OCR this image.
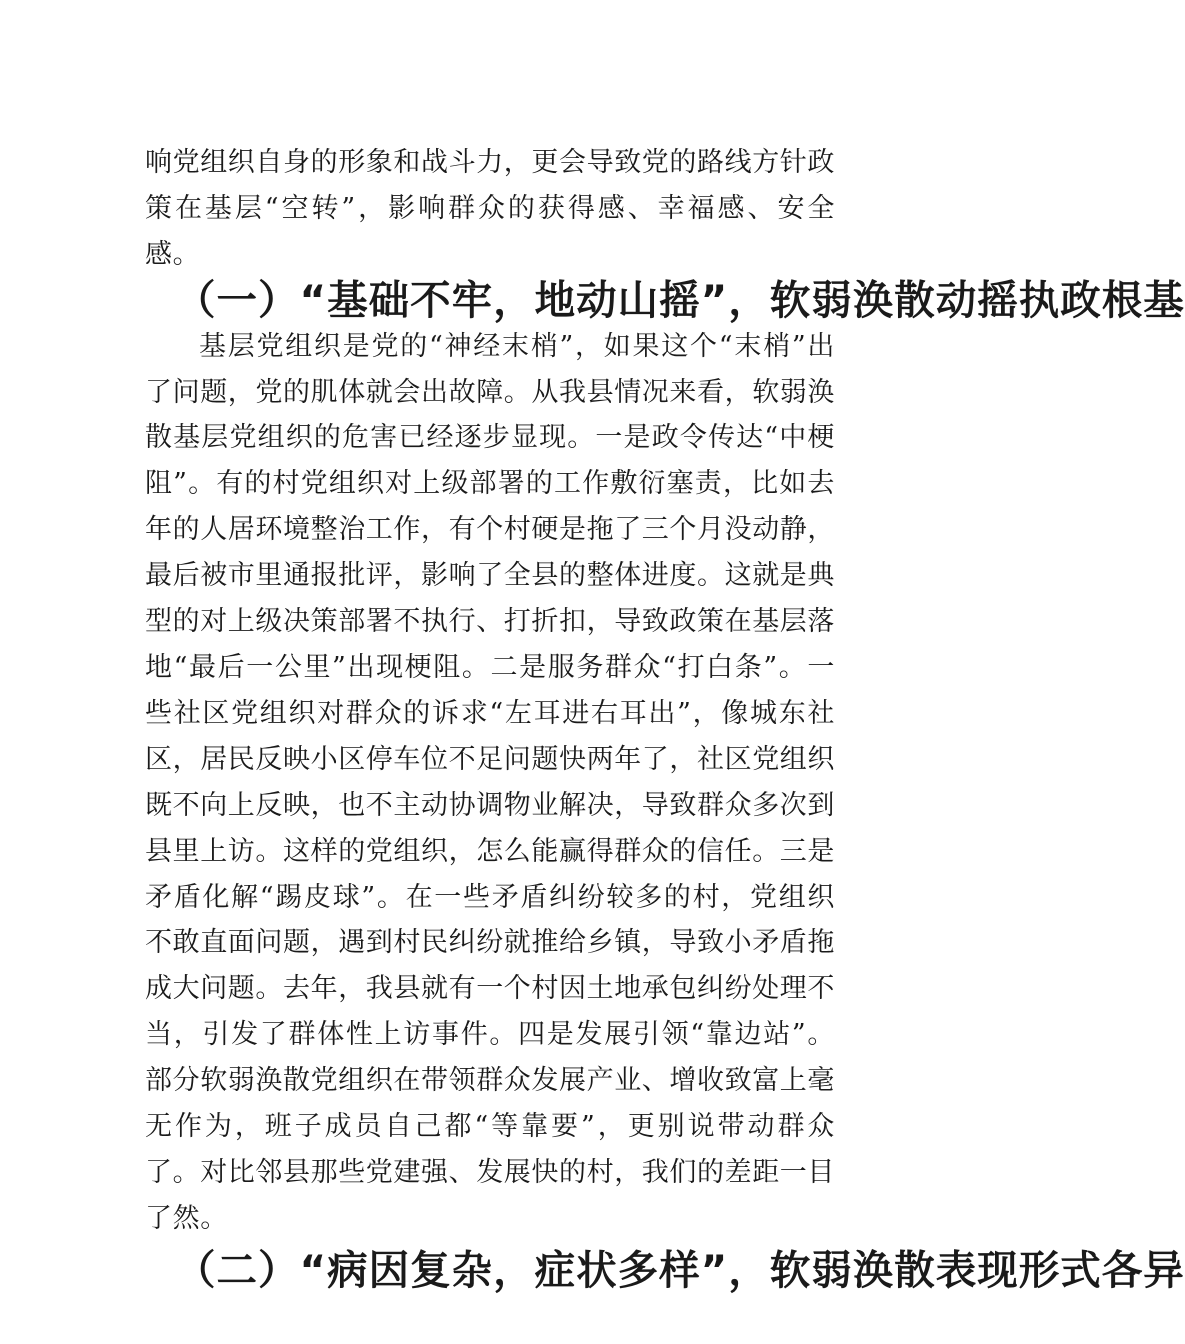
响党组织自身的形象和战斗力，更会导致党的路线方针政策在基层“空转”，影响群众的获得感、幸福感、安全感。

（一）“基础不牢，地动山摇”，软弱涣散动摇执政根基

基层党组织是党的“神经末梢”，如果这个“末梢”出了问题，党的肌体就会出故障。从我县情况来看，软弱涣散基层党组织的危害已经逐步显现。一是政令传达“中梗阻”。有的村党组织对上级部署的工作敷衍塞责，比如去年的人居环境整治工作，有个村硬是拖了三个月没动静，最后被市里通报批评，影响了全县的整体进度。这就是典型的对上级决策部署不执行、打折扣，导致政策在基层落地“最后一公里”出现梗阻。二是服务群众“打白条”。一些社区党组织对群众的诉求“左耳进右耳出”，像城东社区，居民反映小区停车位不足问题快两年了，社区党组织既不向上反映，也不主动协调物业解决，导致群众多次到县里上访。这样的党组织，怎么能赢得群众的信任。三是矛盾化解“踢皮球”。在一些矛盾纠纷较多的村，党组织不敢直面问题，遇到村民纠纷就推给乡镇，导致小矛盾拖成大问题。去年，我县就有一个村因土地承包纠纷处理不当，引发了群体性上访事件。四是发展引领“靠边站”。部分软弱涣散党组织在带领群众发展产业、增收致富上毫无作为，班子成员自己都“等靠要”，更别说带动群众了。对比邻县那些党建强、发展快的村，我们的差距一目了然。

（二）“病因复杂，症状多样”，软弱涣散表现形式各异
